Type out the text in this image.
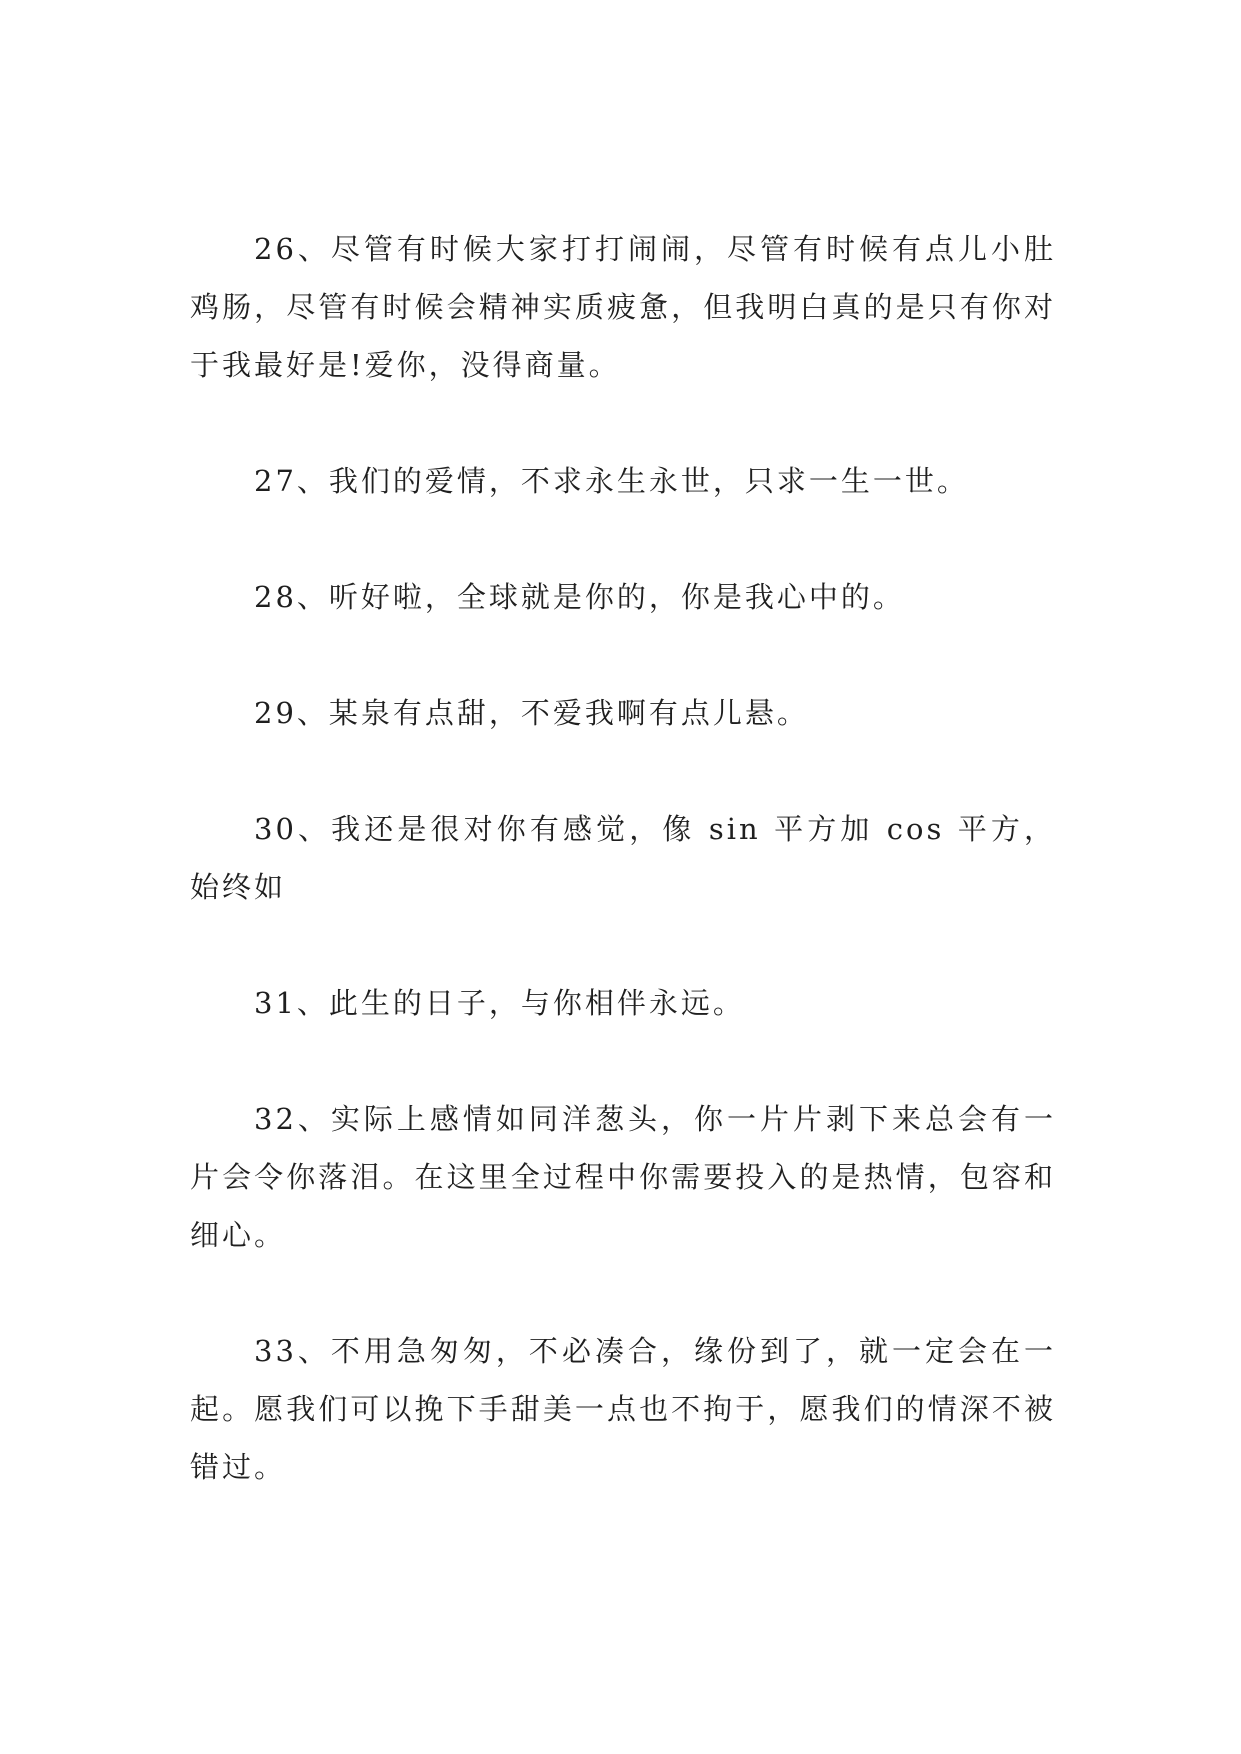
26、尽管有时候大家打打闹闹，尽管有时候有点儿小肚鸡肠，尽管有时候会精神实质疲惫，但我明白真的是只有你对于我最好是!爱你，没得商量。

27、我们的爱情，不求永生永世，只求一生一世。

28、听好啦，全球就是你的，你是我心中的。

29、某泉有点甜，不爱我啊有点儿悬。

30、我还是很对你有感觉，像 sin 平方加 cos 平方，始终如

31、此生的日子，与你相伴永远。

32、实际上感情如同洋葱头，你一片片剥下来总会有一片会令你落泪。在这里全过程中你需要投入的是热情，包容和细心。

33、不用急匆匆，不必凑合，缘份到了，就一定会在一起。愿我们可以挽下手甜美一点也不拘于，愿我们的情深不被错过。
